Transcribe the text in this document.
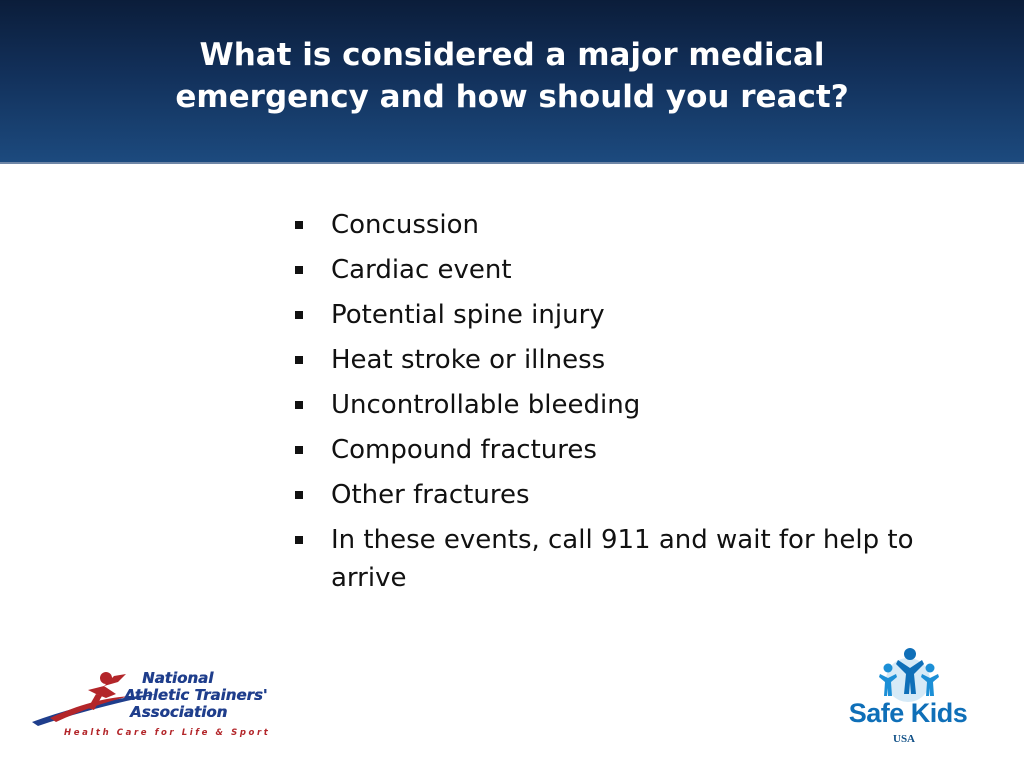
What is considered a major medical
emergency and how should you react?
Concussion
Cardiac event
Potential spine injury
Heat stroke or illness
Uncontrollable bleeding
Compound fractures
Other fractures
In these events, call 911 and wait for help to arrive
National
Athletic Trainers'
Association
Health Care for Life & Sport
Safe Kids
USA
